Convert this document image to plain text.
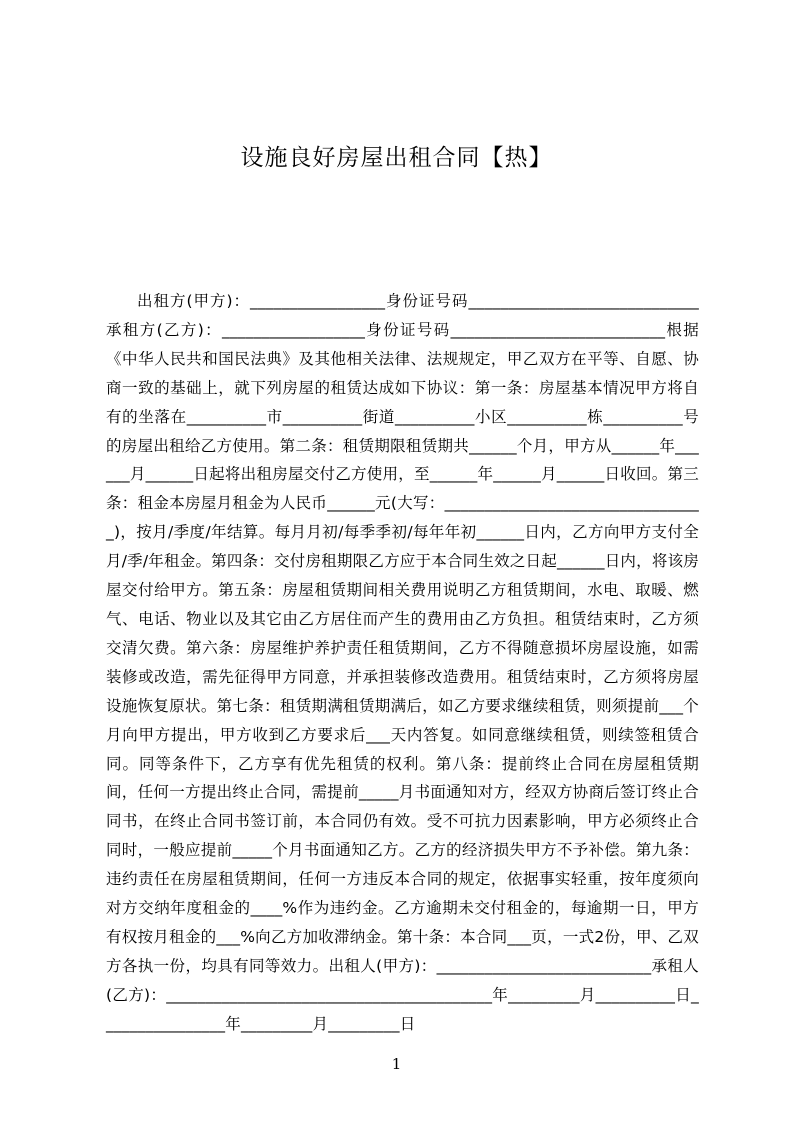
设施良好房屋出租合同【热】

出租方(甲方)：_________________身份证号码_____________________________承租方(乙方)：__________________身份证号码___________________________根据《中华人民共和国民法典》及其他相关法律、法规规定，甲乙双方在平等、自愿、协商一致的基础上，就下列房屋的租赁达成如下协议：第一条：房屋基本情况甲方将自有的坐落在__________市__________街道__________小区__________栋__________号的房屋出租给乙方使用。第二条：租赁期限租赁期共______个月，甲方从______年______月______日起将出租房屋交付乙方使用，至______年______月______日收回。第三条：租金本房屋月租金为人民币______元(大写：_________________________________)，按月/季度/年结算。每月月初/每季季初/每年年初______日内，乙方向甲方支付全月/季/年租金。第四条：交付房租期限乙方应于本合同生效之日起______日内，将该房屋交付给甲方。第五条：房屋租赁期间相关费用说明乙方租赁期间，水电、取暖、燃气、电话、物业以及其它由乙方居住而产生的费用由乙方负担。租赁结束时，乙方须交清欠费。第六条：房屋维护养护责任租赁期间，乙方不得随意损坏房屋设施，如需装修或改造，需先征得甲方同意，并承担装修改造费用。租赁结束时，乙方须将房屋设施恢复原状。第七条：租赁期满租赁期满后，如乙方要求继续租赁，则须提前___个月向甲方提出，甲方收到乙方要求后___天内答复。如同意继续租赁，则续签租赁合同。同等条件下，乙方享有优先租赁的权利。第八条：提前终止合同在房屋租赁期间，任何一方提出终止合同，需提前_____月书面通知对方，经双方协商后签订终止合同书，在终止合同书签订前，本合同仍有效。受不可抗力因素影响，甲方必须终止合同时，一般应提前_____个月书面通知乙方。乙方的经济损失甲方不予补偿。第九条：违约责任在房屋租赁期间，任何一方违反本合同的规定，依据事实轻重，按年度须向对方交纳年度租金的____%作为违约金。乙方逾期未交付租金的，每逾期一日，甲方有权按月租金的___%向乙方加收滞纳金。第十条：本合同___页，一式2份，甲、乙双方各执一份，均具有同等效力。出租人(甲方)：___________________________承租人(乙方)：_________________________________________年_________月__________日________________年_________月_________日

1
